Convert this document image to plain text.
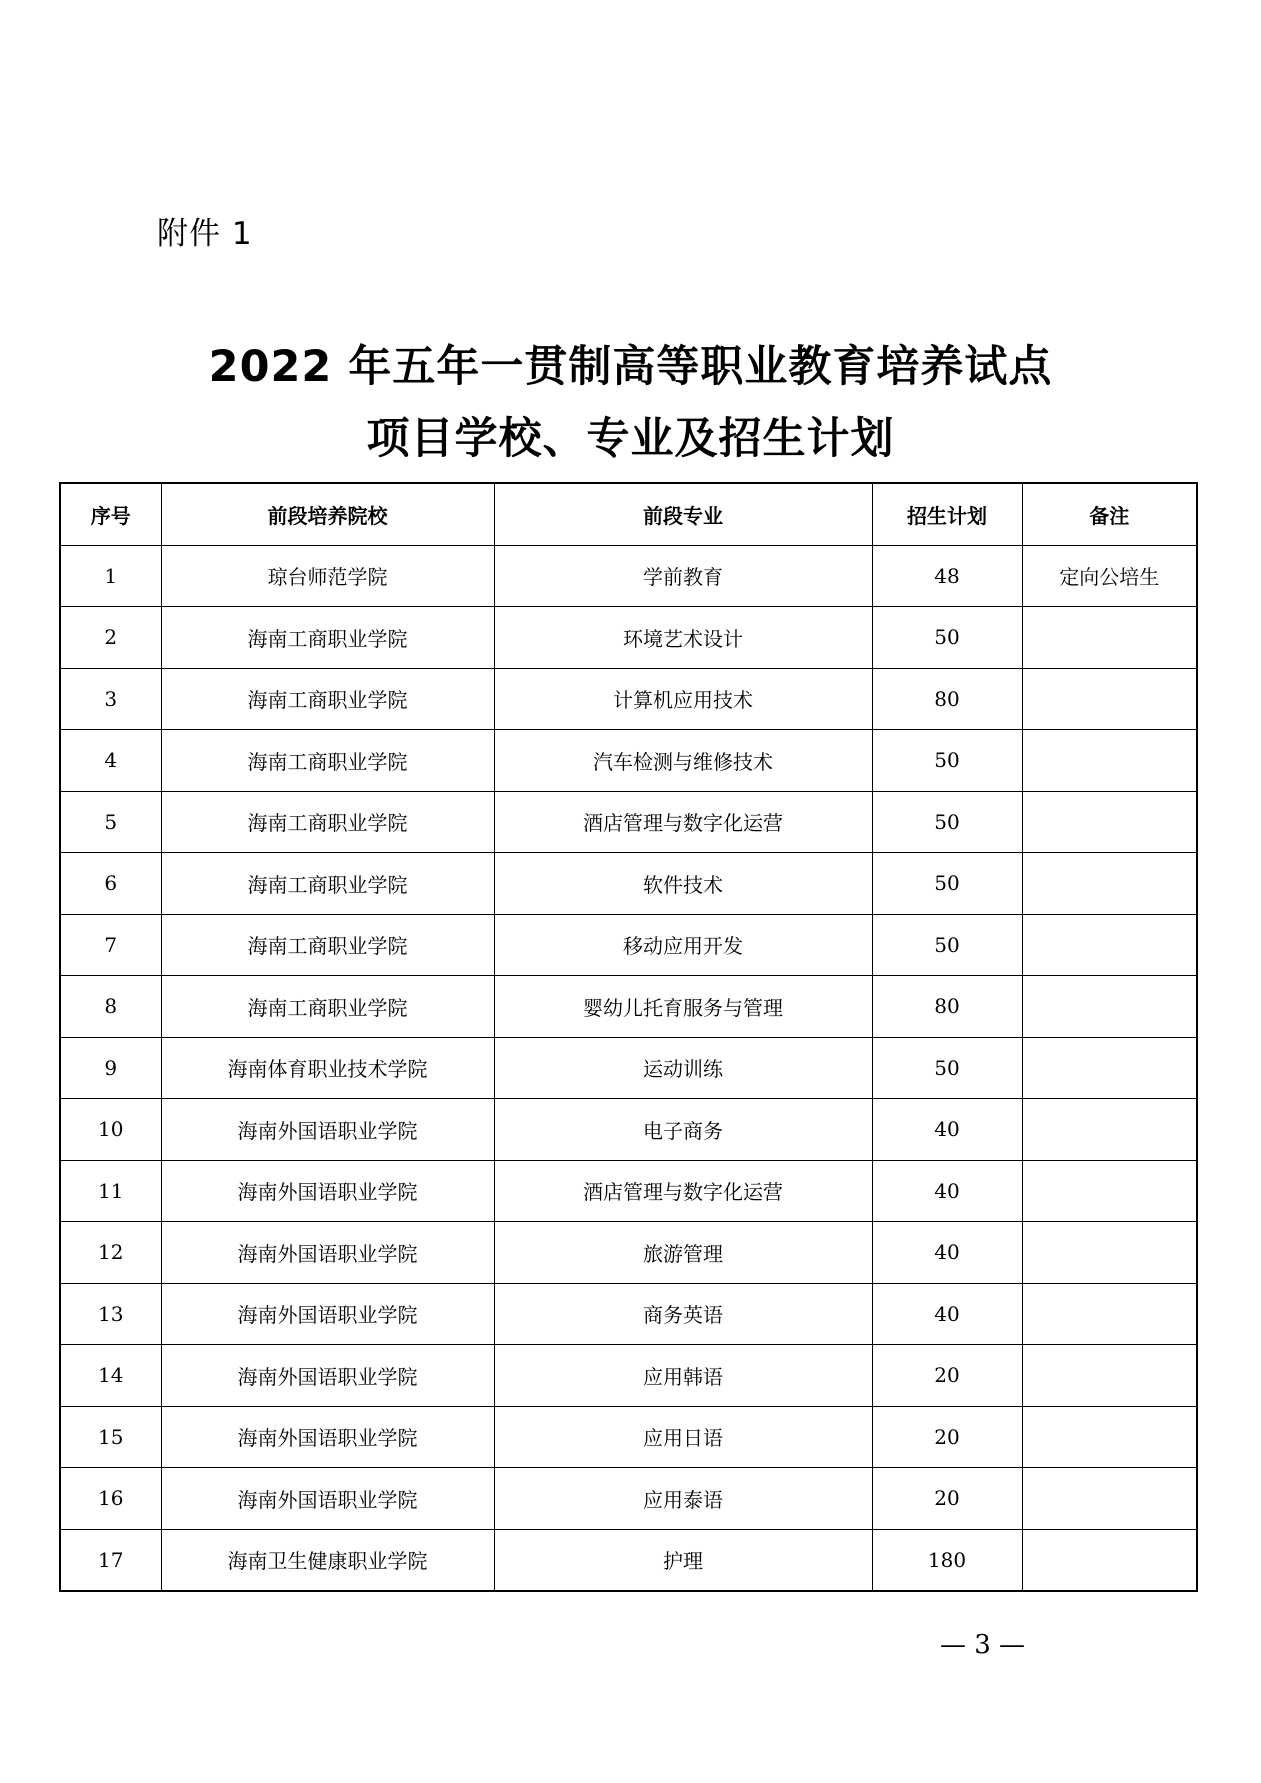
附件 1
2022 年五年一贯制高等职业教育培养试点
项目学校、专业及招生计划
序号	前段培养院校	前段专业	招生计划	备注
1	琼台师范学院	学前教育	48	定向公培生
2	海南工商职业学院	环境艺术设计	50	
3	海南工商职业学院	计算机应用技术	80	
4	海南工商职业学院	汽车检测与维修技术	50	
5	海南工商职业学院	酒店管理与数字化运营	50	
6	海南工商职业学院	软件技术	50	
7	海南工商职业学院	移动应用开发	50	
8	海南工商职业学院	婴幼儿托育服务与管理	80	
9	海南体育职业技术学院	运动训练	50	
10	海南外国语职业学院	电子商务	40	
11	海南外国语职业学院	酒店管理与数字化运营	40	
12	海南外国语职业学院	旅游管理	40	
13	海南外国语职业学院	商务英语	40	
14	海南外国语职业学院	应用韩语	20	
15	海南外国语职业学院	应用日语	20	
16	海南外国语职业学院	应用泰语	20	
17	海南卫生健康职业学院	护理	180	
— 3 —
